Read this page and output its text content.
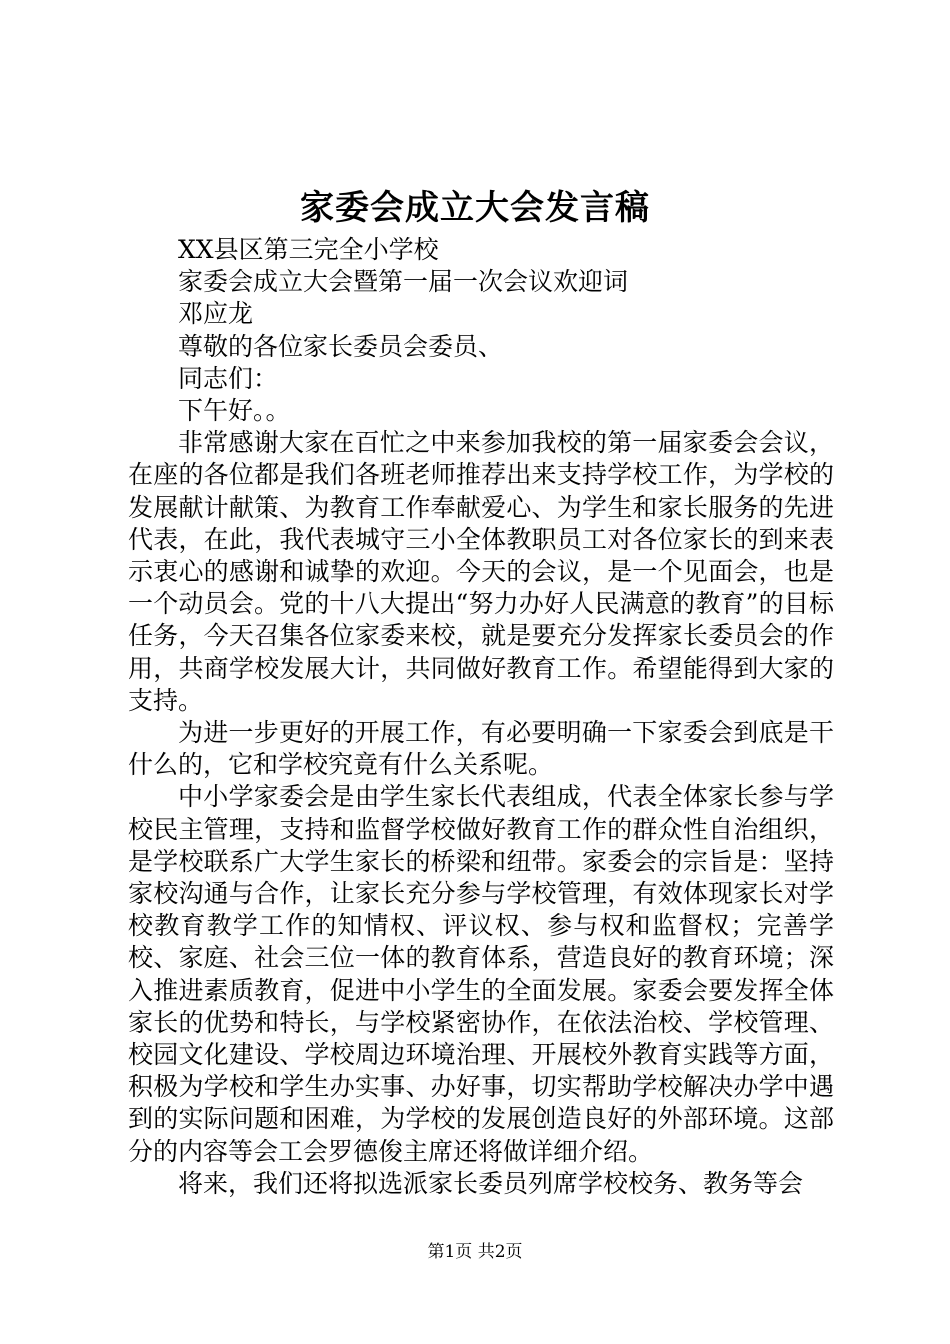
家委会成立大会发言稿

XX县区第三完全小学校

家委会成立大会暨第一届一次会议欢迎词

邓应龙

尊敬的各位家长委员会委员、

同志们：

下午好。。

非常感谢大家在百忙之中来参加我校的第一届家委会会议，在座的各位都是我们各班老师推荐出来支持学校工作，为学校的发展献计献策、为教育工作奉献爱心、为学生和家长服务的先进代表，在此，我代表城守三小全体教职员工对各位家长的到来表示衷心的感谢和诚挚的欢迎。今天的会议，是一个见面会，也是一个动员会。党的十八大提出“努力办好人民满意的教育”的目标任务，今天召集各位家委来校，就是要充分发挥家长委员会的作用，共商学校发展大计，共同做好教育工作。希望能得到大家的支持。

为进一步更好的开展工作，有必要明确一下家委会到底是干什么的，它和学校究竟有什么关系呢。

中小学家委会是由学生家长代表组成，代表全体家长参与学校民主管理，支持和监督学校做好教育工作的群众性自治组织，是学校联系广大学生家长的桥梁和纽带。家委会的宗旨是：坚持家校沟通与合作，让家长充分参与学校管理，有效体现家长对学校教育教学工作的知情权、评议权、参与权和监督权；完善学校、家庭、社会三位一体的教育体系，营造良好的教育环境；深入推进素质教育，促进中小学生的全面发展。家委会要发挥全体家长的优势和特长，与学校紧密协作，在依法治校、学校管理、校园文化建设、学校周边环境治理、开展校外教育实践等方面，积极为学校和学生办实事、办好事，切实帮助学校解决办学中遇到的实际问题和困难，为学校的发展创造良好的外部环境。这部分的内容等会工会罗德俊主席还将做详细介绍。

将来，我们还将拟选派家长委员列席学校校务、教务等会

第1页 共2页
